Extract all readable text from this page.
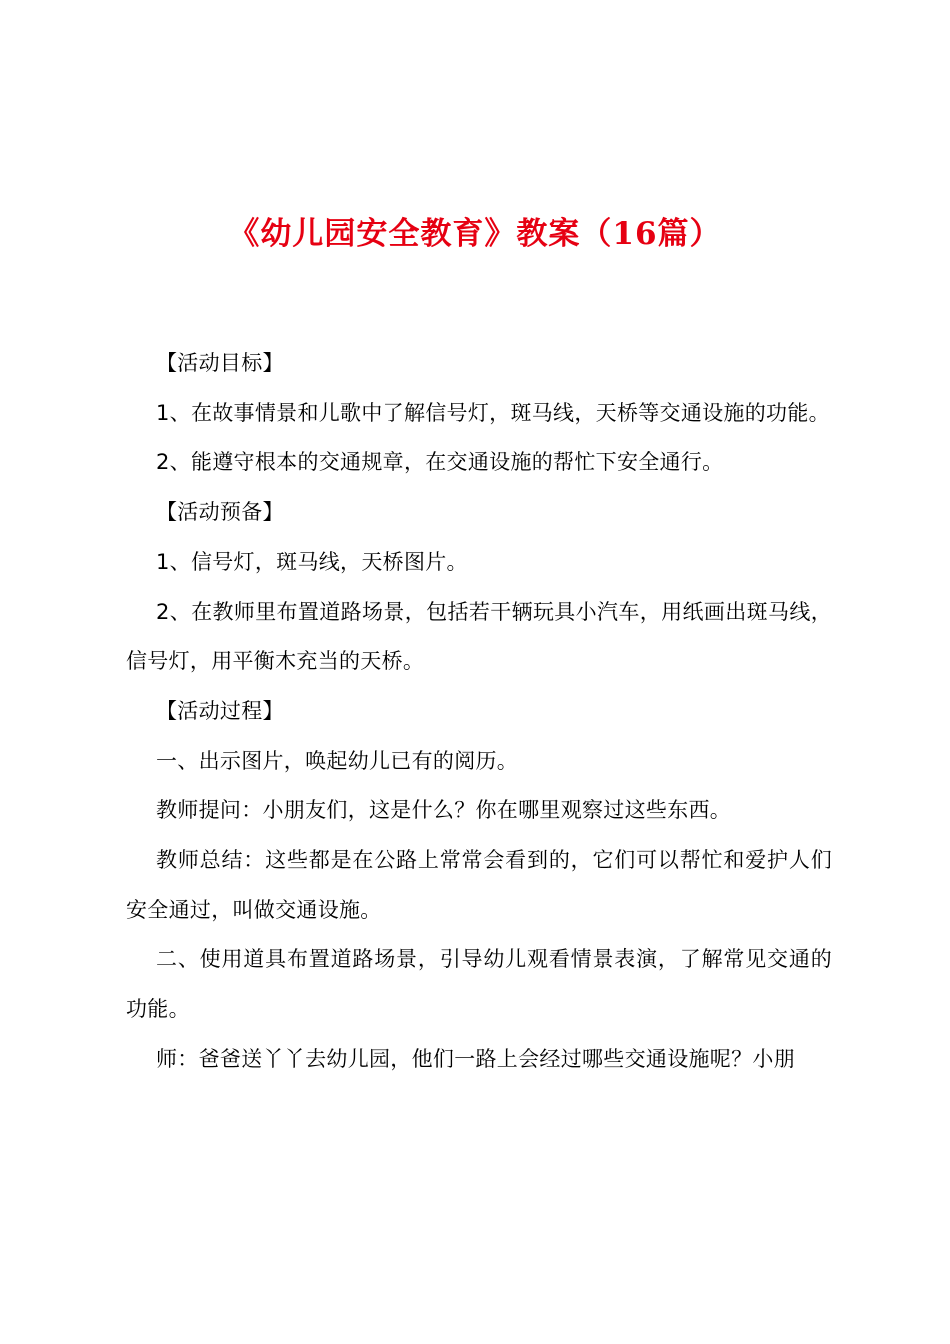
《幼儿园安全教育》教案（16篇）

【活动目标】

1、在故事情景和儿歌中了解信号灯，斑马线，天桥等交通设施的功能。

2、能遵守根本的交通规章，在交通设施的帮忙下安全通行。

【活动预备】

1、信号灯，斑马线，天桥图片。

2、在教师里布置道路场景，包括若干辆玩具小汽车，用纸画出斑马线，信号灯，用平衡木充当的天桥。

【活动过程】

一、出示图片，唤起幼儿已有的阅历。

教师提问：小朋友们，这是什么？你在哪里观察过这些东西。

教师总结：这些都是在公路上常常会看到的，它们可以帮忙和爱护人们安全通过，叫做交通设施。

二、使用道具布置道路场景，引导幼儿观看情景表演，了解常见交通的功能。

师：爸爸送丫丫去幼儿园，他们一路上会经过哪些交通设施呢？小朋
